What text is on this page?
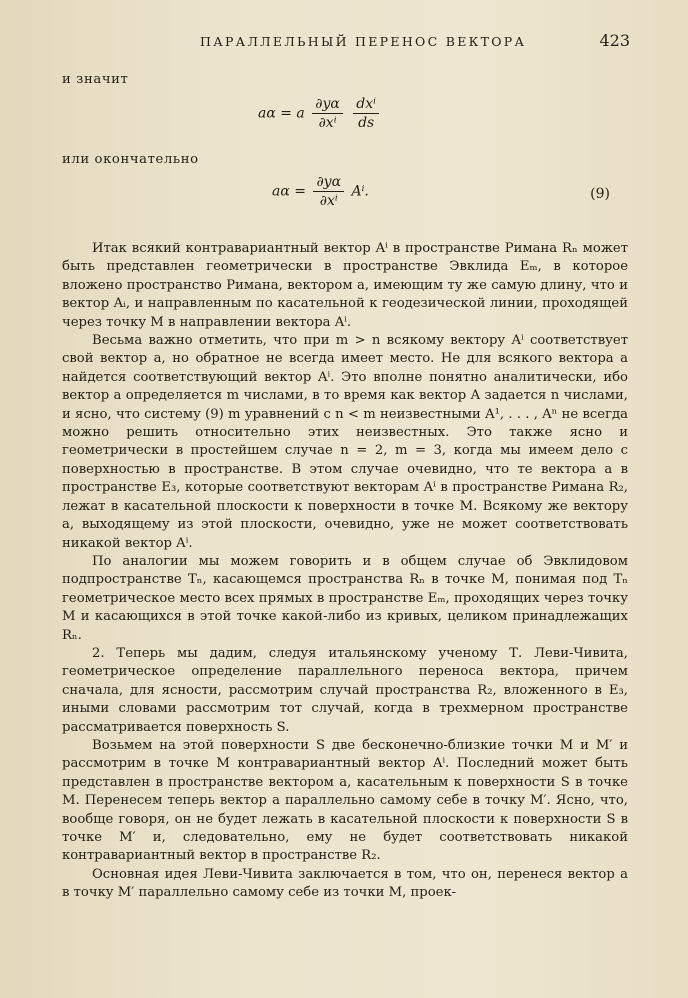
ПАРАЛЛЕЛЬНЫЙ ПЕРЕНОС ВЕКТОРА	423
и значит
aα = a $\frac{\partial y\alpha}{\text{∂xⁱ}}$
$\frac{\text{dxⁱ}}{ds}$
или окончательно
$a\alpha = \frac{\partial y\alpha}{\text{∂xⁱ}} A^i$.	(9)

Итак всякий контравариантный вектор Aⁱ в пространстве Римана Rₙ может быть представлен геометрически в пространстве Эвклида Eₘ, в которое вложено пространство Римана, вектором a, имеющим ту же самую длину, что и вектор Aᵢ, и направленным по касательной к геодезической линии, проходящей через точку M в направлении вектора Aⁱ.

Весьма важно отметить, что при m > n всякому вектору Aⁱ соответствует свой вектор a, но обратное не всегда имеет место. Не для всякого вектора a найдется соответствующий вектор Aⁱ. Это вполне понятно аналитически, ибо вектор a определяется m числами, в то время как вектор A задается n числами, и ясно, что систему (9) m уравнений с n < m неизвестными A¹, . . . , Aⁿ не всегда можно решить относительно этих неизвестных. Это также ясно и геометрически в простейшем случае n = 2, m = 3, когда мы имеем дело с поверхностью в пространстве. В этом случае очевидно, что те вектора a в пространстве E₃, которые соответствуют векторам Aⁱ в пространстве Римана R₂, лежат в касательной плоскости к поверхности в точке M. Всякому же вектору a, выходящему из этой плоскости, очевидно, уже не может соответствовать никакой вектор Aⁱ.

По аналогии мы можем говорить и в общем случае об Эвклидовом подпространстве Tₙ, касающемся пространства Rₙ в точке M, понимая под Tₙ геометрическое место всех прямых в пространстве Eₘ, проходящих через точку M и касающихся в этой точке какой-либо из кривых, целиком принадлежащих Rₙ.

2. Теперь мы дадим, следуя итальянскому ученому Т. Леви-Чивита, геометрическое определение параллельного переноса вектора, причем сначала, для ясности, рассмотрим случай пространства R₂, вложенного в E₃, иными словами рассмотрим тот случай, когда в трехмерном пространстве рассматривается поверхность S.

Возьмем на этой поверхности S две бесконечно-близкие точки M и M′ и рассмотрим в точке M контравариантный вектор Aⁱ. Последний может быть представлен в пространстве вектором a, касательным к поверхности S в точке M. Перенесем теперь вектор a параллельно самому себе в точку M′. Ясно, что, вообще говоря, он не будет лежать в касательной плоскости к поверхности S в точке M′ и, следовательно, ему не будет соответствовать никакой контравариантный вектор в пространстве R₂.

Основная идея Леви-Чивита заключается в том, что он, перенеся вектор a в точку M′ параллельно самому себе из точки M, проек-
